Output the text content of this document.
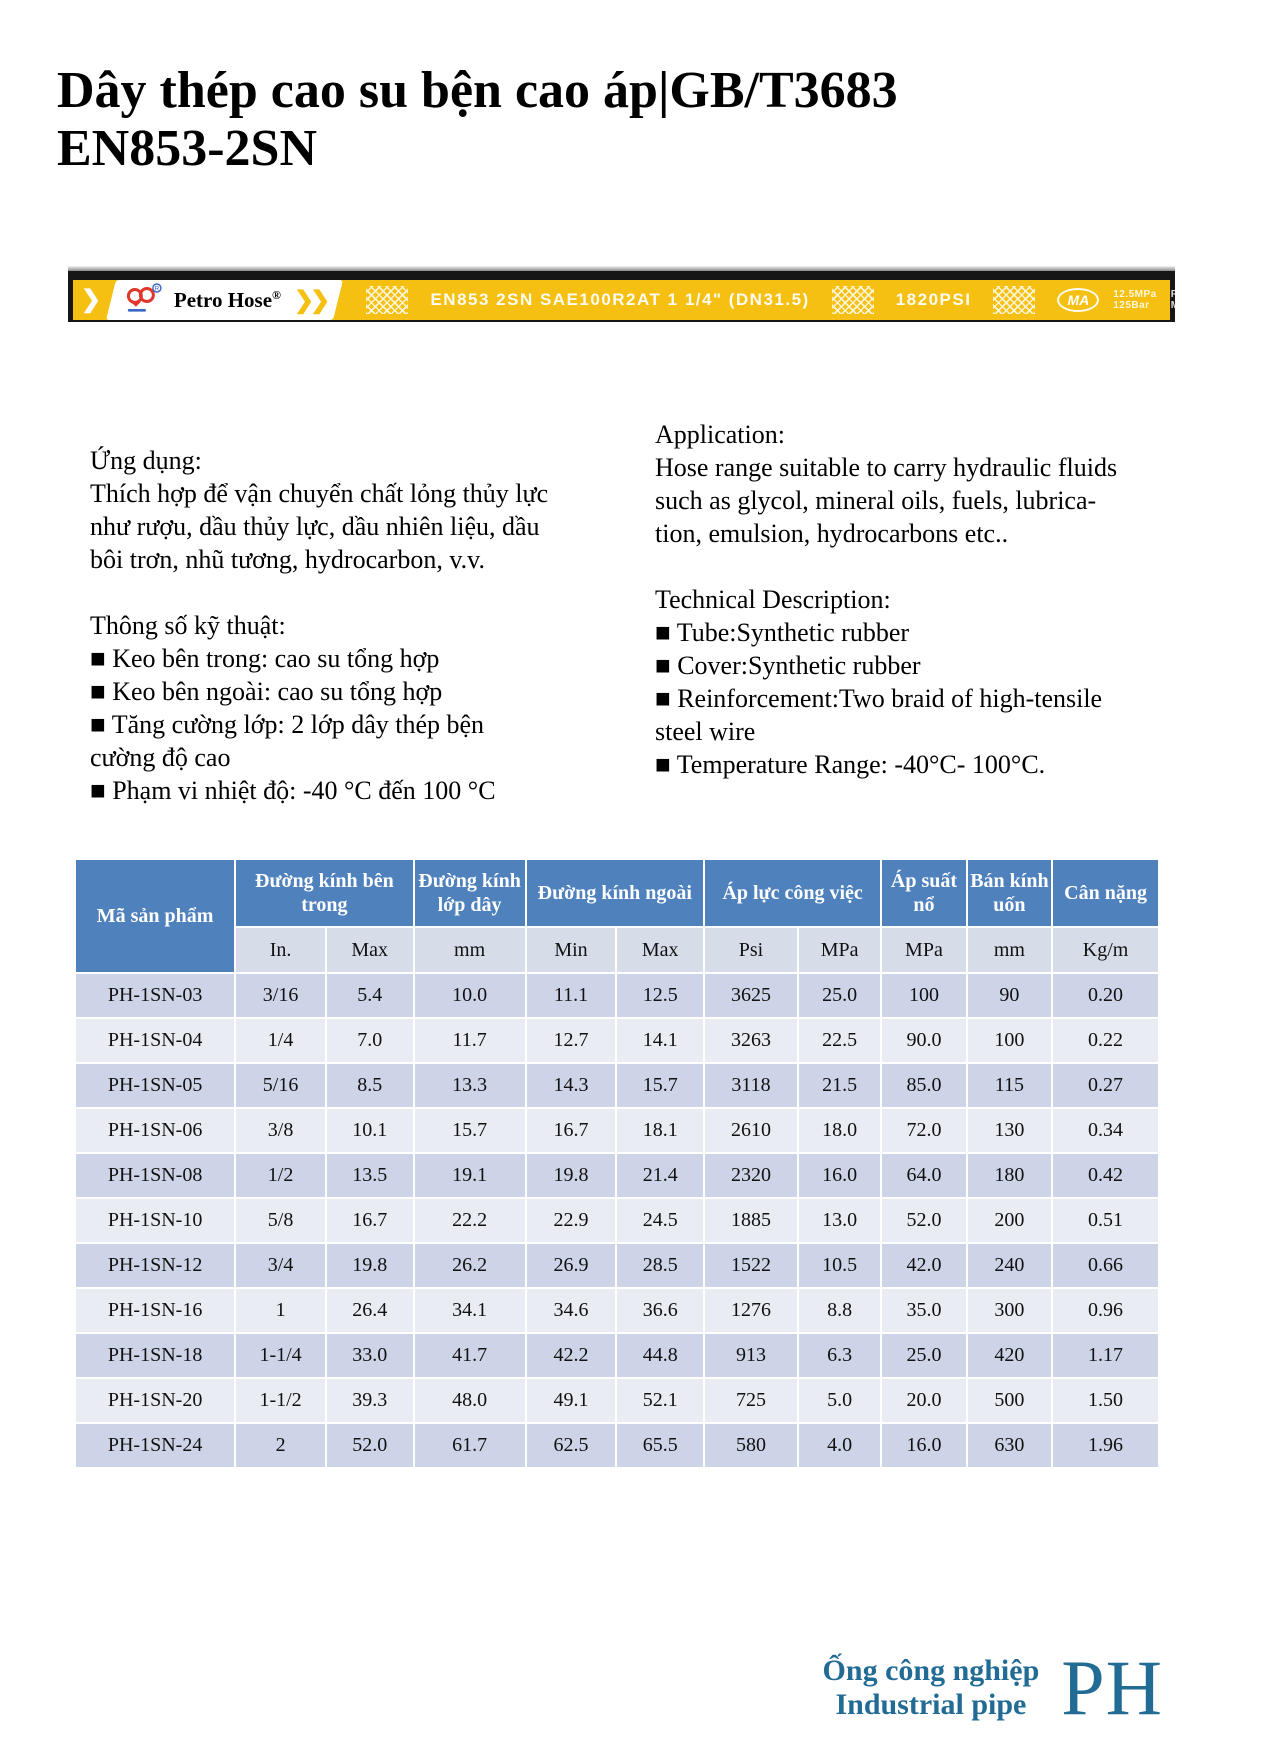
Dây thép cao su bện cao áp|GB/T3683 EN853-2SN
❯	R Petro Hose® ❯❯	EN853 2SN SAE100R2AT 1 1/4" (DN31.5)	1820PSI	MA	12.5MPa
125Bar
FLAME RESISTANT
MSHA 2G-1C-14C/44
Ứng dụng:
Thích hợp để vận chuyển chất lỏng thủy lực
như rượu, dầu thủy lực, dầu nhiên liệu, dầu
bôi trơn, nhũ tương, hydrocarbon, v.v.
Thông số kỹ thuật:
■ Keo bên trong: cao su tổng hợp
■ Keo bên ngoài: cao su tổng hợp
■ Tăng cường lớp: 2 lớp dây thép bện
cường độ cao
■ Phạm vi nhiệt độ: -40 °C đến 100 °C
Application:
Hose range suitable to carry hydraulic fluids
such as glycol, mineral oils, fuels, lubrica-
tion, emulsion, hydrocarbons etc..
Technical Description:
■ Tube:Synthetic rubber
■ Cover:Synthetic rubber
■ Reinforcement:Two braid of high-tensile
steel wire
■ Temperature Range: -40°C- 100°C.
Mã sản phẩm	Đường kính bên trong		Đường kính lớp dây	Đường kính ngoài		Áp lực công việc		Áp suất nổ	Bán kính uốn	Cân nặng
	In.	Max	mm	Min	Max	Psi	MPa	MPa	mm	Kg/m
PH-1SN-03	3/16	5.4	10.0	11.1	12.5	3625	25.0	100	90	0.20
PH-1SN-04	1/4	7.0	11.7	12.7	14.1	3263	22.5	90.0	100	0.22
PH-1SN-05	5/16	8.5	13.3	14.3	15.7	3118	21.5	85.0	115	0.27
PH-1SN-06	3/8	10.1	15.7	16.7	18.1	2610	18.0	72.0	130	0.34
PH-1SN-08	1/2	13.5	19.1	19.8	21.4	2320	16.0	64.0	180	0.42
PH-1SN-10	5/8	16.7	22.2	22.9	24.5	1885	13.0	52.0	200	0.51
PH-1SN-12	3/4	19.8	26.2	26.9	28.5	1522	10.5	42.0	240	0.66
PH-1SN-16	1	26.4	34.1	34.6	36.6	1276	8.8	35.0	300	0.96
PH-1SN-18	1-1/4	33.0	41.7	42.2	44.8	913	6.3	25.0	420	1.17
PH-1SN-20	1-1/2	39.3	48.0	49.1	52.1	725	5.0	20.0	500	1.50
PH-1SN-24	2	52.0	61.7	62.5	65.5	580	4.0	16.0	630	1.96
Ống công nghiệp
Industrial pipe PH
